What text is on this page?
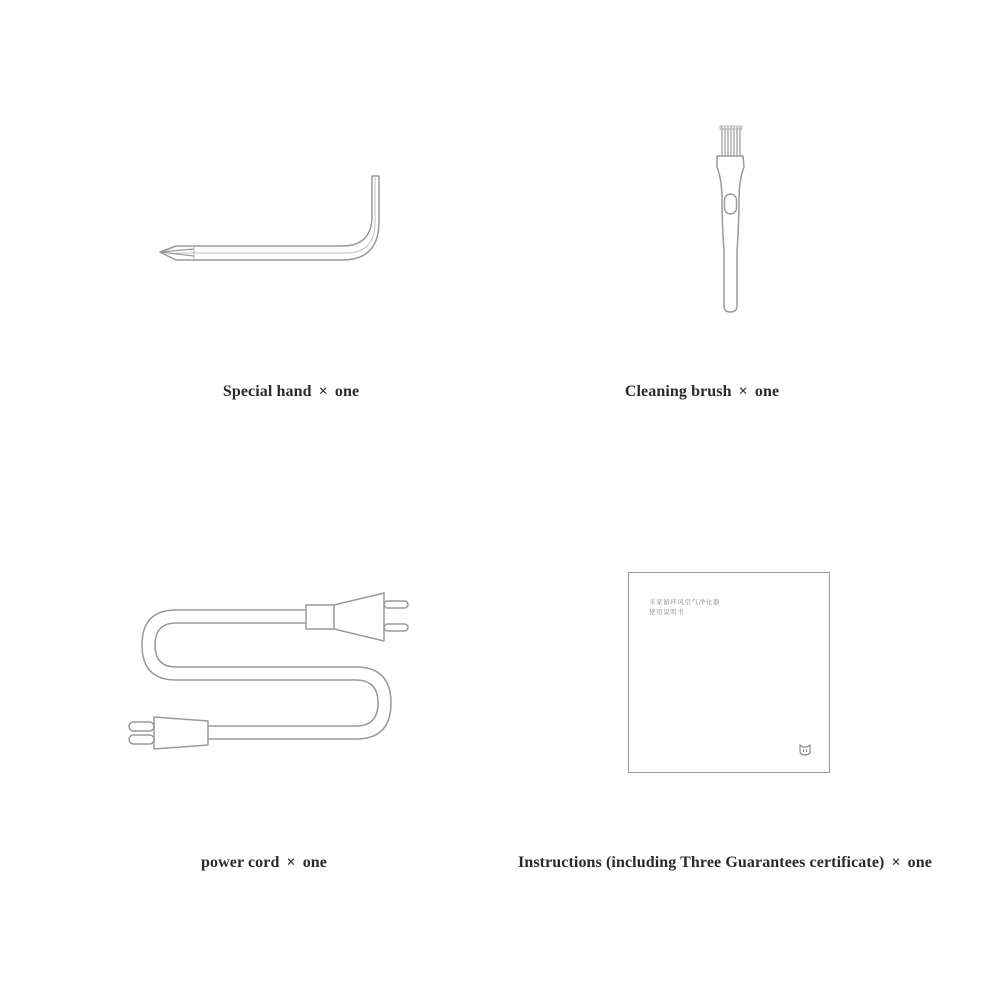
米家循环风空气净化器
使用说明书
Special hand × one	Cleaning brush × one
power cord × one	Instructions (including Three Guarantees certificate) × one
